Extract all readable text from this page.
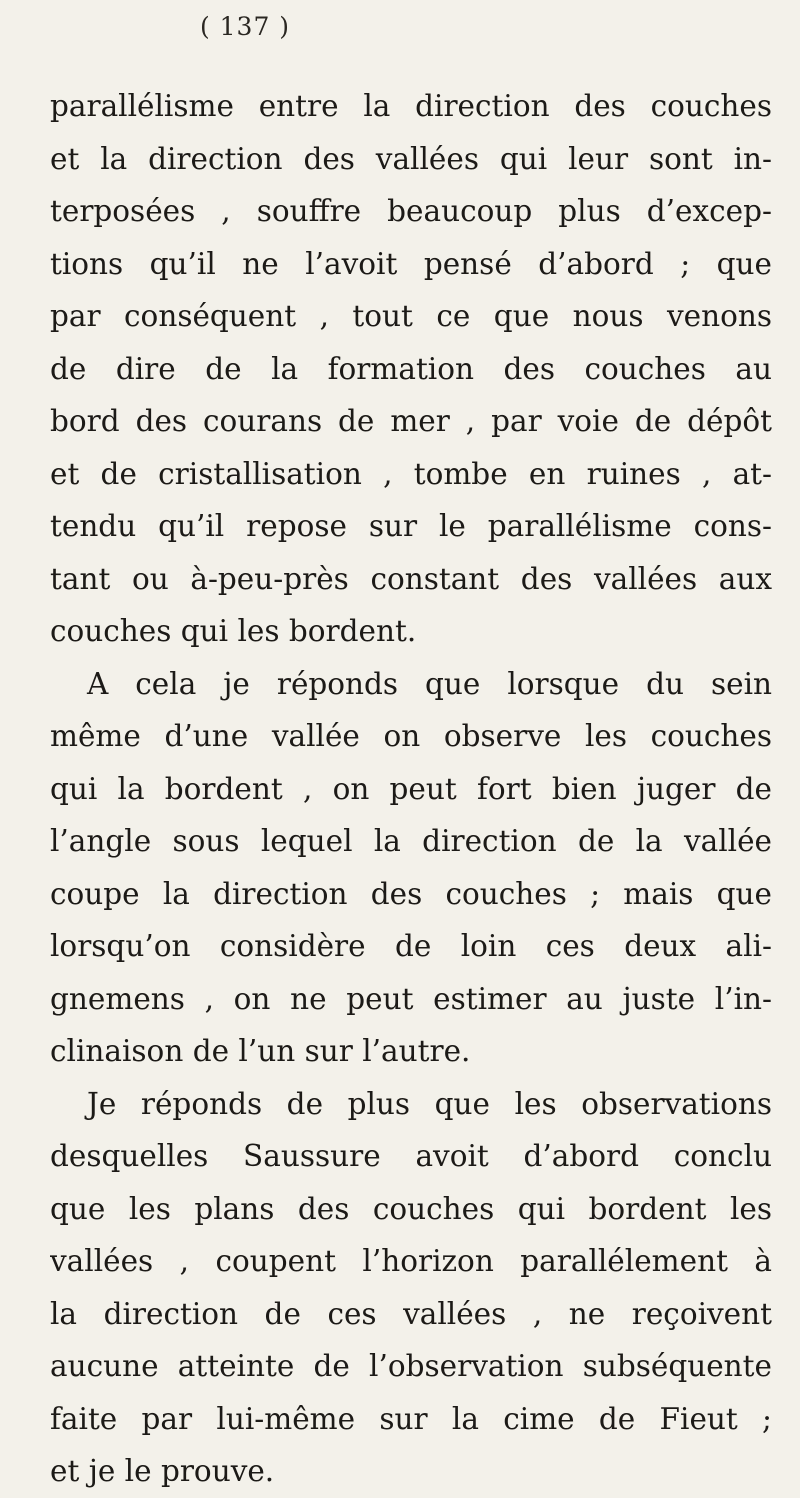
( 137 )
parallélisme entre la direction des couches
et la direction des vallées qui leur sont in-
terposées , souffre beaucoup plus d’excep-
tions qu’il ne l’avoit pensé d’abord ; que
par conséquent , tout ce que nous venons
de dire de la formation des couches au
bord des courans de mer , par voie de dépôt
et de cristallisation , tombe en ruines , at-
tendu qu’il repose sur le parallélisme cons-
tant ou à-peu-près constant des vallées aux
couches qui les bordent.
A cela je réponds que lorsque du sein
même d’une vallée on observe les couches
qui la bordent , on peut fort bien juger de
l’angle sous lequel la direction de la vallée
coupe la direction des couches ; mais que
lorsqu’on considère de loin ces deux ali-
gnemens , on ne peut estimer au juste l’in-
clinaison de l’un sur l’autre.
Je réponds de plus que les observations
desquelles Saussure avoit d’abord conclu
que les plans des couches qui bordent les
vallées , coupent l’horizon parallélement à
la direction de ces vallées , ne reçoivent
aucune atteinte de l’observation subséquente
faite par lui-même sur la cime de Fieut ;
et je le prouve.
